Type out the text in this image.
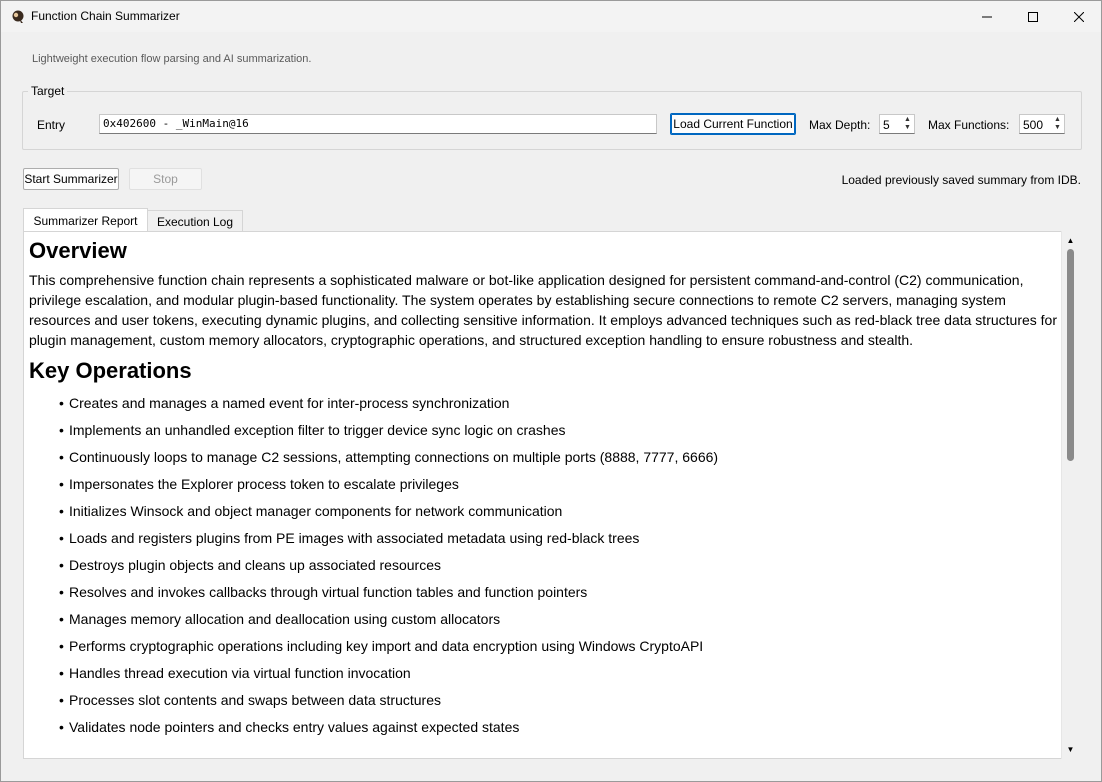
Function Chain Summarizer
Lightweight execution flow parsing and AI summarization.
Target
Entry	0x402600 - _WinMain@16	Load Current Function Max Depth: 5	▲
▼ Max Functions: 500	▲
▼
Start Summarizer	Stop	Loaded previously saved summary from IDB.
Summarizer Report	Execution Log
Overview

This comprehensive function chain represents a sophisticated malware or bot-like application designed for persistent command-and-control (C2) communication, privilege escalation, and modular plugin-based functionality. The system operates by establishing secure connections to remote C2 servers, managing system resources and user tokens, executing dynamic plugins, and collecting sensitive information. It employs advanced techniques such as red-black tree data structures for plugin management, custom memory allocators, cryptographic operations, and structured exception handling to ensure robustness and stealth.

Key Operations
• Creates and manages a named event for inter-process synchronization
• Implements an unhandled exception filter to trigger device sync logic on crashes
• Continuously loops to manage C2 sessions, attempting connections on multiple ports (8888, 7777, 6666)
• Impersonates the Explorer process token to escalate privileges
• Initializes Winsock and object manager components for network communication
• Loads and registers plugins from PE images with associated metadata using red-black trees
• Destroys plugin objects and cleans up associated resources
• Resolves and invokes callbacks through virtual function tables and function pointers
• Manages memory allocation and deallocation using custom allocators
• Performs cryptographic operations including key import and data encryption using Windows CryptoAPI
• Handles thread execution via virtual function invocation
• Processes slot contents and swaps between data structures
• Validates node pointers and checks entry values against expected states
▲
▼
